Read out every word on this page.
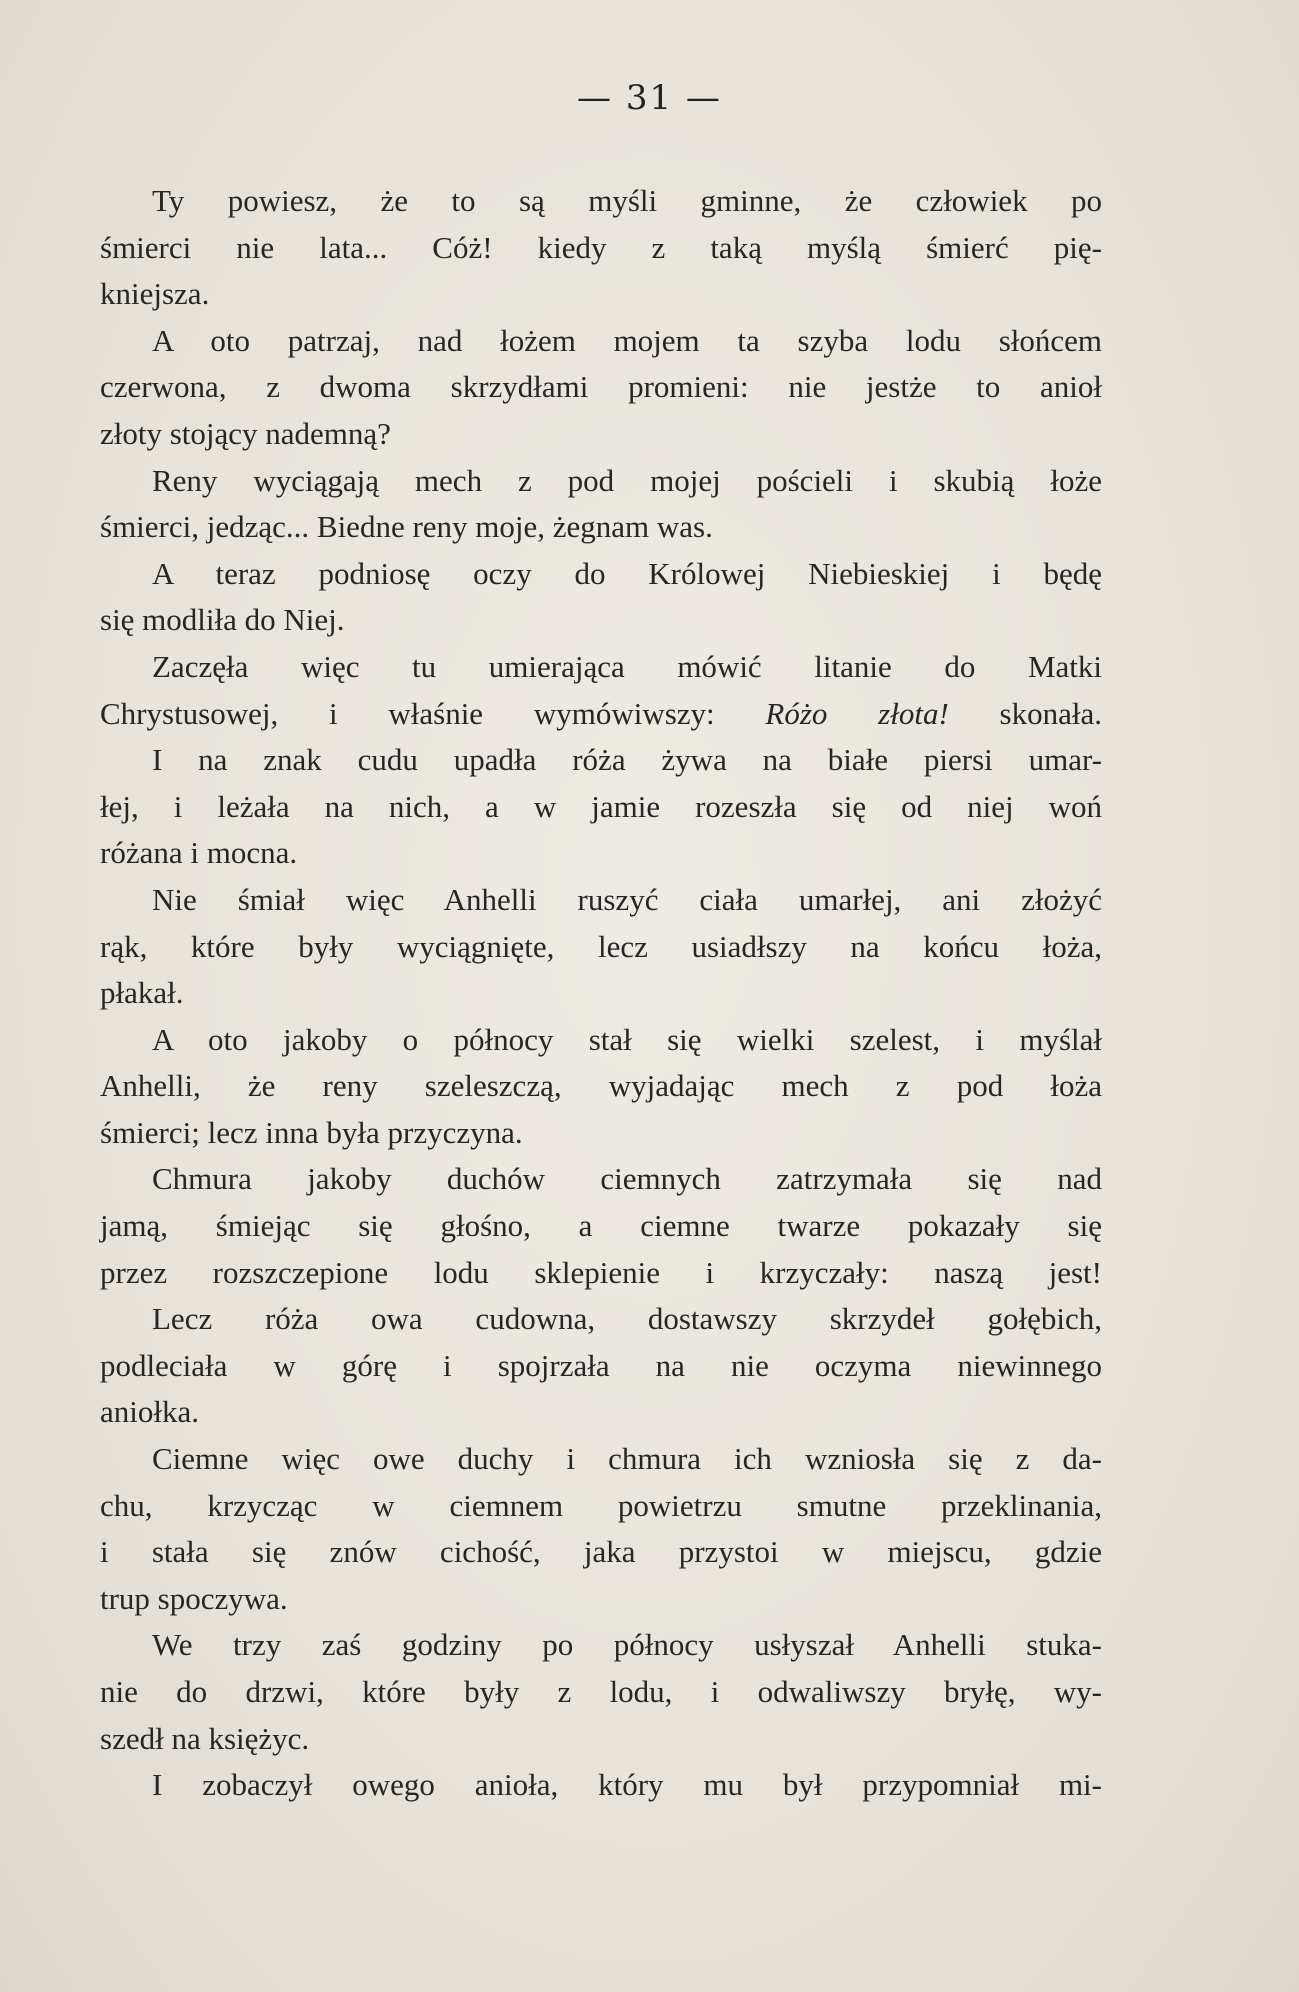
— 31 —
Ty powiesz, że to są myśli gminne, że człowiek po
śmierci nie lata... Cóż! kiedy z taką myślą śmierć pię-
kniejsza.
A oto patrzaj, nad łożem mojem ta szyba lodu słońcem
czerwona, z dwoma skrzydłami promieni: nie jestże to anioł
złoty stojący nademną?
Reny wyciągają mech z pod mojej pościeli i skubią łoże
śmierci, jedząc... Biedne reny moje, żegnam was.
A teraz podniosę oczy do Królowej Niebieskiej i będę
się modliła do Niej.
Zaczęła więc tu umierająca mówić litanie do Matki
Chrystusowej, i właśnie wymówiwszy: Różo złota! skonała.
I na znak cudu upadła róża żywa na białe piersi umar-
łej, i leżała na nich, a w jamie rozeszła się od niej woń
różana i mocna.
Nie śmiał więc Anhelli ruszyć ciała umarłej, ani złożyć
rąk, które były wyciągnięte, lecz usiadłszy na końcu łoża,
płakał.
A oto jakoby o północy stał się wielki szelest, i myślał
Anhelli, że reny szeleszczą, wyjadając mech z pod łoża
śmierci; lecz inna była przyczyna.
Chmura jakoby duchów ciemnych zatrzymała się nad
jamą, śmiejąc się głośno, a ciemne twarze pokazały się
przez rozszczepione lodu sklepienie i krzyczały: naszą jest!
Lecz róża owa cudowna, dostawszy skrzydeł gołębich,
podleciała w górę i spojrzała na nie oczyma niewinnego
aniołka.
Ciemne więc owe duchy i chmura ich wzniosła się z da-
chu, krzycząc w ciemnem powietrzu smutne przeklinania,
i stała się znów cichość, jaka przystoi w miejscu, gdzie
trup spoczywa.
We trzy zaś godziny po północy usłyszał Anhelli stuka-
nie do drzwi, które były z lodu, i odwaliwszy bryłę, wy-
szedł na księżyc.
I zobaczył owego anioła, który mu był przypomniał mi-
